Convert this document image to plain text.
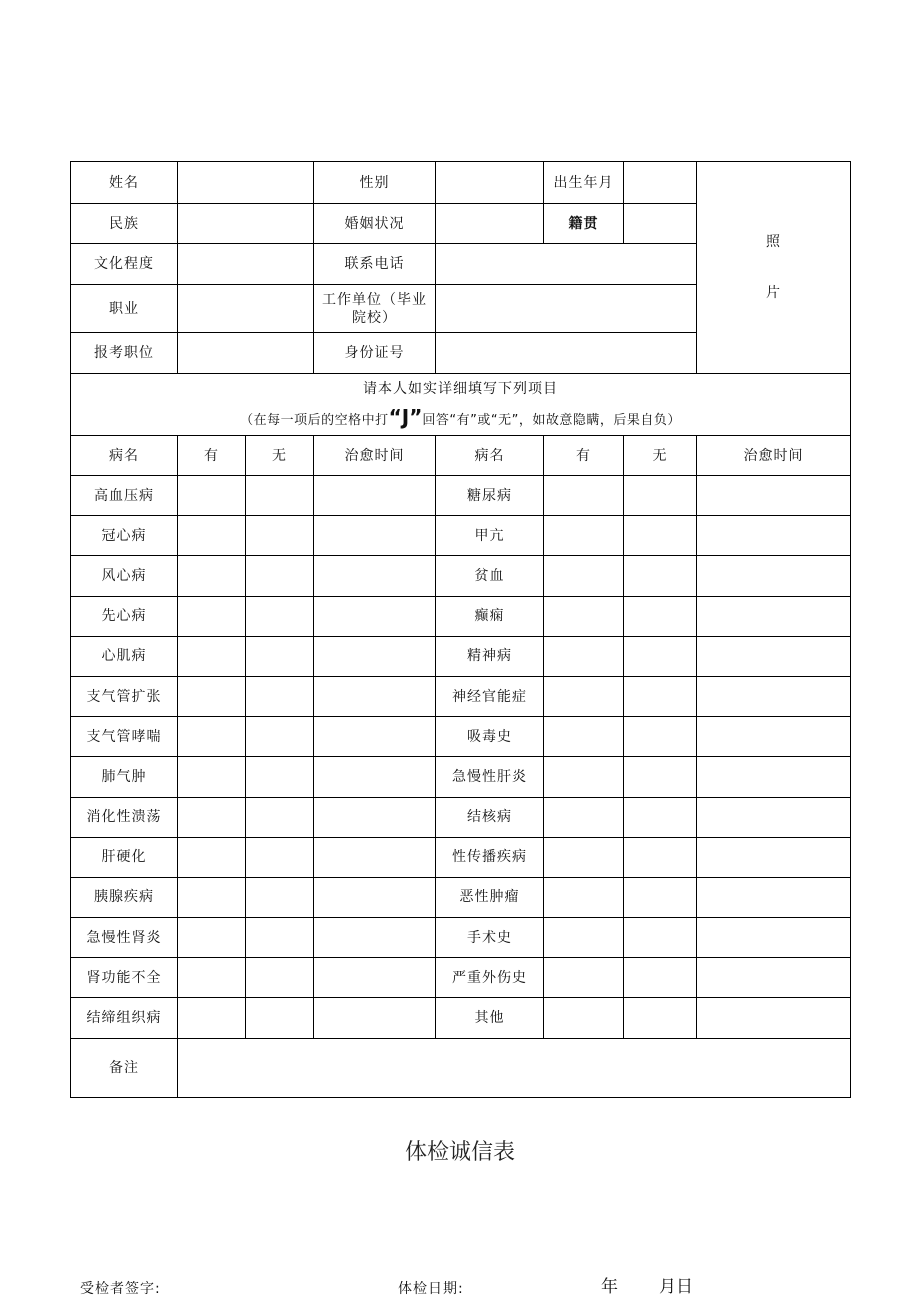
姓名			性别		出生年月		照
片

民族			婚姻状况		籍贯		
文化程度			联系电话				
职业			工作单位（毕业
院校）				

报考职位			身份证号				

请本人如实详细填写下列项目
（在每一项后的空格中打“J”回答“有”或“无”，如故意隐瞒，后果自负）							

病名	有	无	治愈时间	病名	有	无	治愈时间
高血压病				糖尿病			
冠心病				甲亢			
风心病				贫血			
先心病				癫痫			
心肌病				精神病			
支气管扩张				神经官能症			
支气管哮喘				吸毒史			
肺气肿				急慢性肝炎			
消化性溃荡				结核病			
肝硬化				性传播疾病			
胰腺疾病				恶性肿瘤			
急慢性肾炎				手术史			
肾功能不全				严重外伤史			
结缔组织病				其他			
备注							
体检诚信表
受检者签字:	体检日期:	年 月日
